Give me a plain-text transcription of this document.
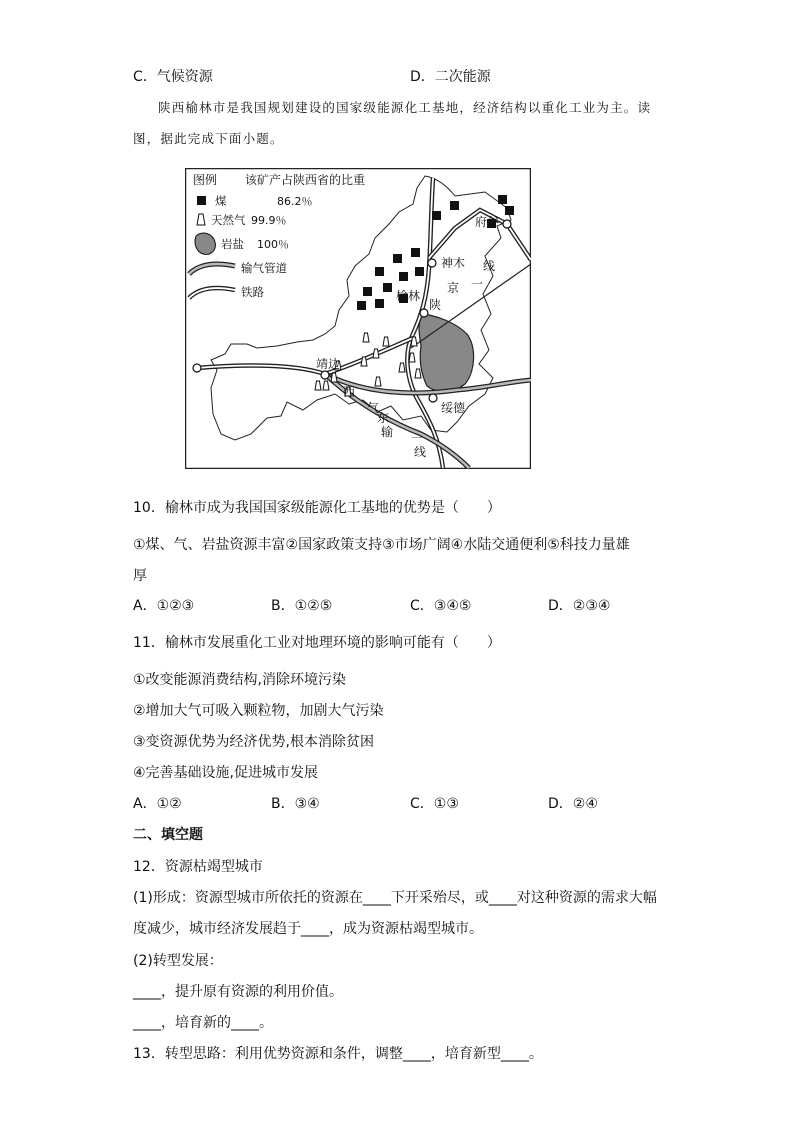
C．气候资源	D．二次能源
陕西榆林市是我国规划建设的国家级能源化工基地，经济结构以重化工业为主。读
图，据此完成下面小题。
图例 该矿产占陕西省的比重
煤	86.2％
天然气 99.9％
岩盐 100％
输气管道
铁路
府谷
神木
榆林
靖边
绥德
线
一
京
陕
西
气
东
输 一
线
10．榆林市成为我国国家级能源化工基地的优势是（　　）
①煤、气、岩盐资源丰富②国家政策支持③市场广阔④水陆交通便利⑤科技力量雄
厚
A．①②③	B．①②⑤	C．③④⑤	D．②③④
11．榆林市发展重化工业对地理环境的影响可能有（　　）
①改变能源消费结构,消除环境污染
②增加大气可吸入颗粒物，加剧大气污染
③变资源优势为经济优势,根本消除贫困
④完善基础设施,促进城市发展
A．①②	B．③④	C．①③	D．②④
二、填空题
12．资源枯竭型城市
(1)形成：资源型城市所依托的资源在____下开采殆尽，或____对这种资源的需求大幅
度减少，城市经济发展趋于____，成为资源枯竭型城市。
(2)转型发展：
____，提升原有资源的利用价值。
____，培育新的____。
13．转型思路：利用优势资源和条件，调整____，培育新型____。
